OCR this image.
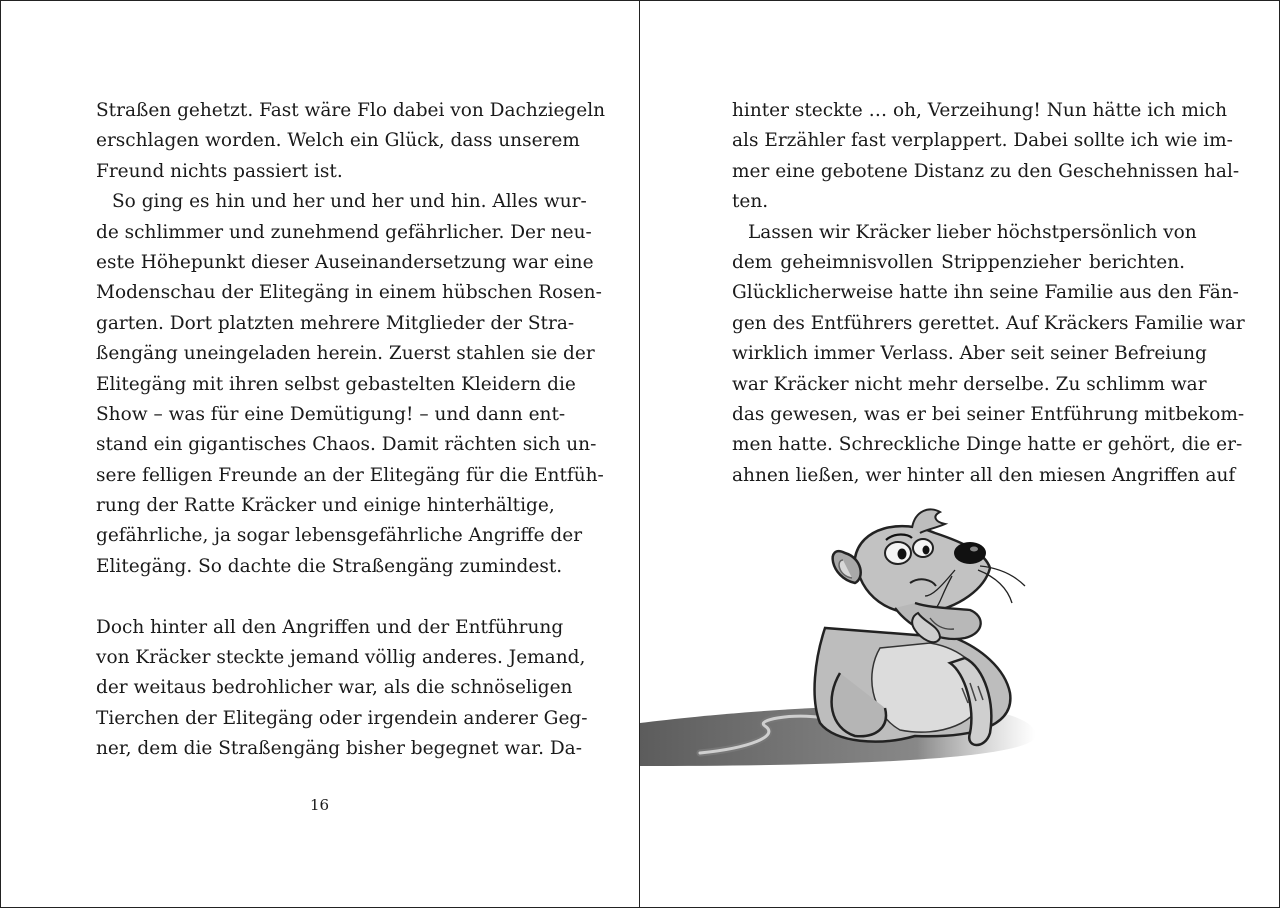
Straßen gehetzt. Fast wäre Flo dabei von Dachziegeln
erschlagen worden. Welch ein Glück, dass unserem
Freund nichts passiert ist.
So ging es hin und her und her und hin. Alles wur-
de schlimmer und zunehmend gefährlicher. Der neu-
este Höhepunkt dieser Auseinandersetzung war eine
Modenschau der Elitegäng in einem hübschen Rosen-
garten. Dort platzten mehrere Mitglieder der Stra-
ßengäng uneingeladen herein. Zuerst stahlen sie der
Elitegäng mit ihren selbst gebastelten Kleidern die
Show – was für eine Demütigung! – und dann ent-
stand ein gigantisches Chaos. Damit rächten sich un-
sere felligen Freunde an der Elitegäng für die Entfüh-
rung der Ratte Kräcker und einige hinterhältige,
gefährliche, ja sogar lebensgefährliche Angriffe der
Elitegäng. So dachte die Straßengäng zumindest.
Doch hinter all den Angriffen und der Entführung
von Kräcker steckte jemand völlig anderes. Jemand,
der weitaus bedrohlicher war, als die schnöseligen
Tierchen der Elitegäng oder irgendein anderer Geg-
ner, dem die Straßengäng bisher begegnet war. Da-
16
hinter steckte … oh, Verzeihung! Nun hätte ich mich
als Erzähler fast verplappert. Dabei sollte ich wie im-
mer eine gebotene Distanz zu den Geschehnissen hal-
ten.
Lassen wir Kräcker lieber höchstpersönlich von
dem geheimnisvollen Strippenzieher berichten.
Glücklicherweise hatte ihn seine Familie aus den Fän-
gen des Entführers gerettet. Auf Kräckers Familie war
wirklich immer Verlass. Aber seit seiner Befreiung
war Kräcker nicht mehr derselbe. Zu schlimm war
das gewesen, was er bei seiner Entführung mitbekom-
men hatte. Schreckliche Dinge hatte er gehört, die er-
ahnen ließen, wer hinter all den miesen Angriffen auf
